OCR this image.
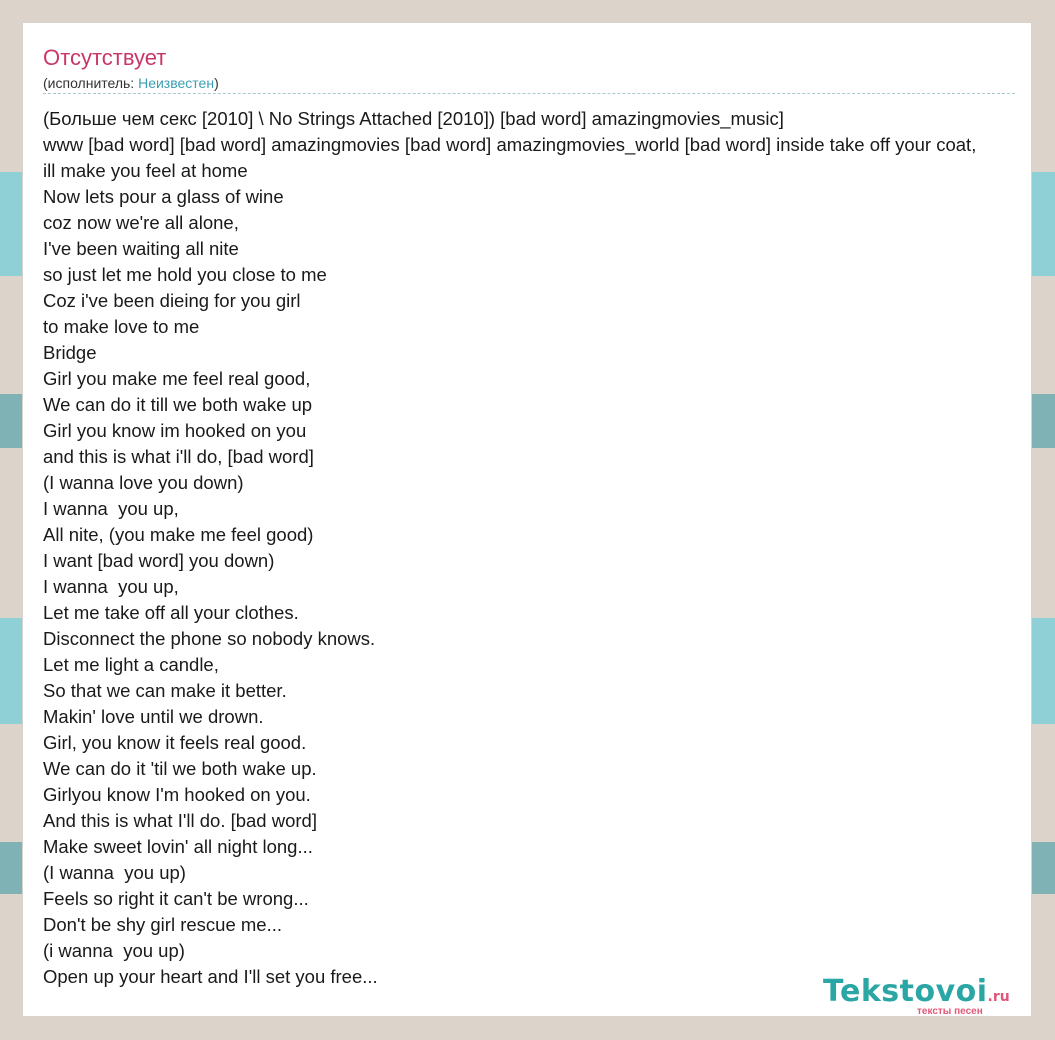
Отсутствует
(исполнитель: Неизвестен)
(Больше чем секс [2010] \ No Strings Attached [2010]) [bad word] amazingmovies_music]
www [bad word] [bad word] amazingmovies [bad word] amazingmovies_world [bad word] inside take off your coat,
ill make you feel at home
Now lets pour a glass of wine
coz now we're all alone,
I've been waiting all nite
so just let me hold you close to me
Coz i've been dieing for you girl
to make love to me
Bridge
Girl you make me feel real good,
We can do it till we both wake up
Girl you know im hooked on you
and this is what i'll do, [bad word]
(I wanna love you down)
I wanna  you up,
All nite, (you make me feel good)
I want [bad word] you down)
I wanna  you up,
Let me take off all your clothes.
Disconnect the phone so nobody knows.
Let me light a candle,
So that we can make it better.
Makin' love until we drown.
Girl, you know it feels real good.
We can do it 'til we both wake up.
Girlyou know I'm hooked on you.
And this is what I'll do. [bad word]
Make sweet lovin' all night long...
(I wanna  you up)
Feels so right it can't be wrong...
Don't be shy girl rescue me...
(i wanna  you up)
Open up your heart and I'll set you free...	Tekstovoi.ru
тексты песен
